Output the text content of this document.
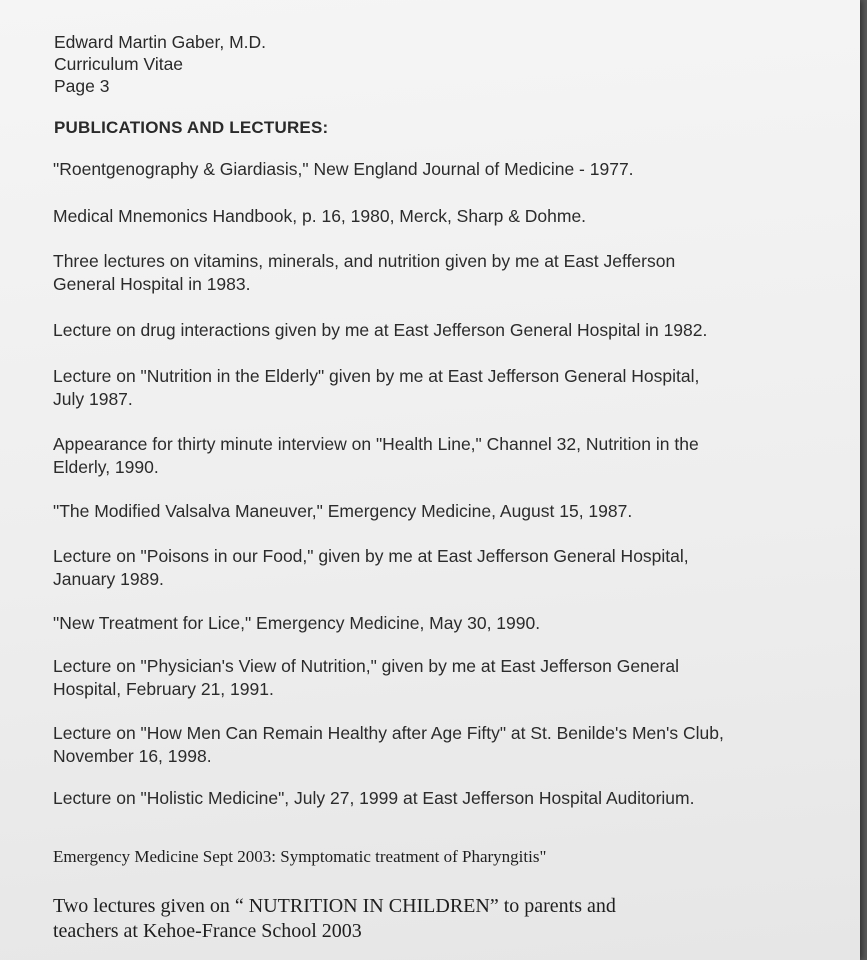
Edward Martin Gaber, M.D.
Curriculum Vitae
Page 3
PUBLICATIONS AND LECTURES:
"Roentgenography & Giardiasis," New England Journal of Medicine - 1977.
Medical Mnemonics Handbook, p. 16, 1980, Merck, Sharp & Dohme.
Three lectures on vitamins, minerals, and nutrition given by me at East Jefferson
General Hospital in 1983.
Lecture on drug interactions given by me at East Jefferson General Hospital in 1982.
Lecture on "Nutrition in the Elderly" given by me at East Jefferson General Hospital,
July 1987.
Appearance for thirty minute interview on "Health Line," Channel 32, Nutrition in the
Elderly, 1990.
"The Modified Valsalva Maneuver," Emergency Medicine, August 15, 1987.
Lecture on "Poisons in our Food," given by me at East Jefferson General Hospital,
January 1989.
"New Treatment for Lice," Emergency Medicine, May 30, 1990.
Lecture on "Physician's View of Nutrition," given by me at East Jefferson General
Hospital, February 21, 1991.
Lecture on "How Men Can Remain Healthy after Age Fifty" at St. Benilde's Men's Club,
November 16, 1998.
Lecture on "Holistic Medicine", July 27, 1999 at East Jefferson Hospital Auditorium.
Emergency Medicine Sept 2003: Symptomatic treatment of Pharyngitis"
Two lectures given on “ NUTRITION IN CHILDREN” to parents and
teachers at Kehoe-France School 2003
